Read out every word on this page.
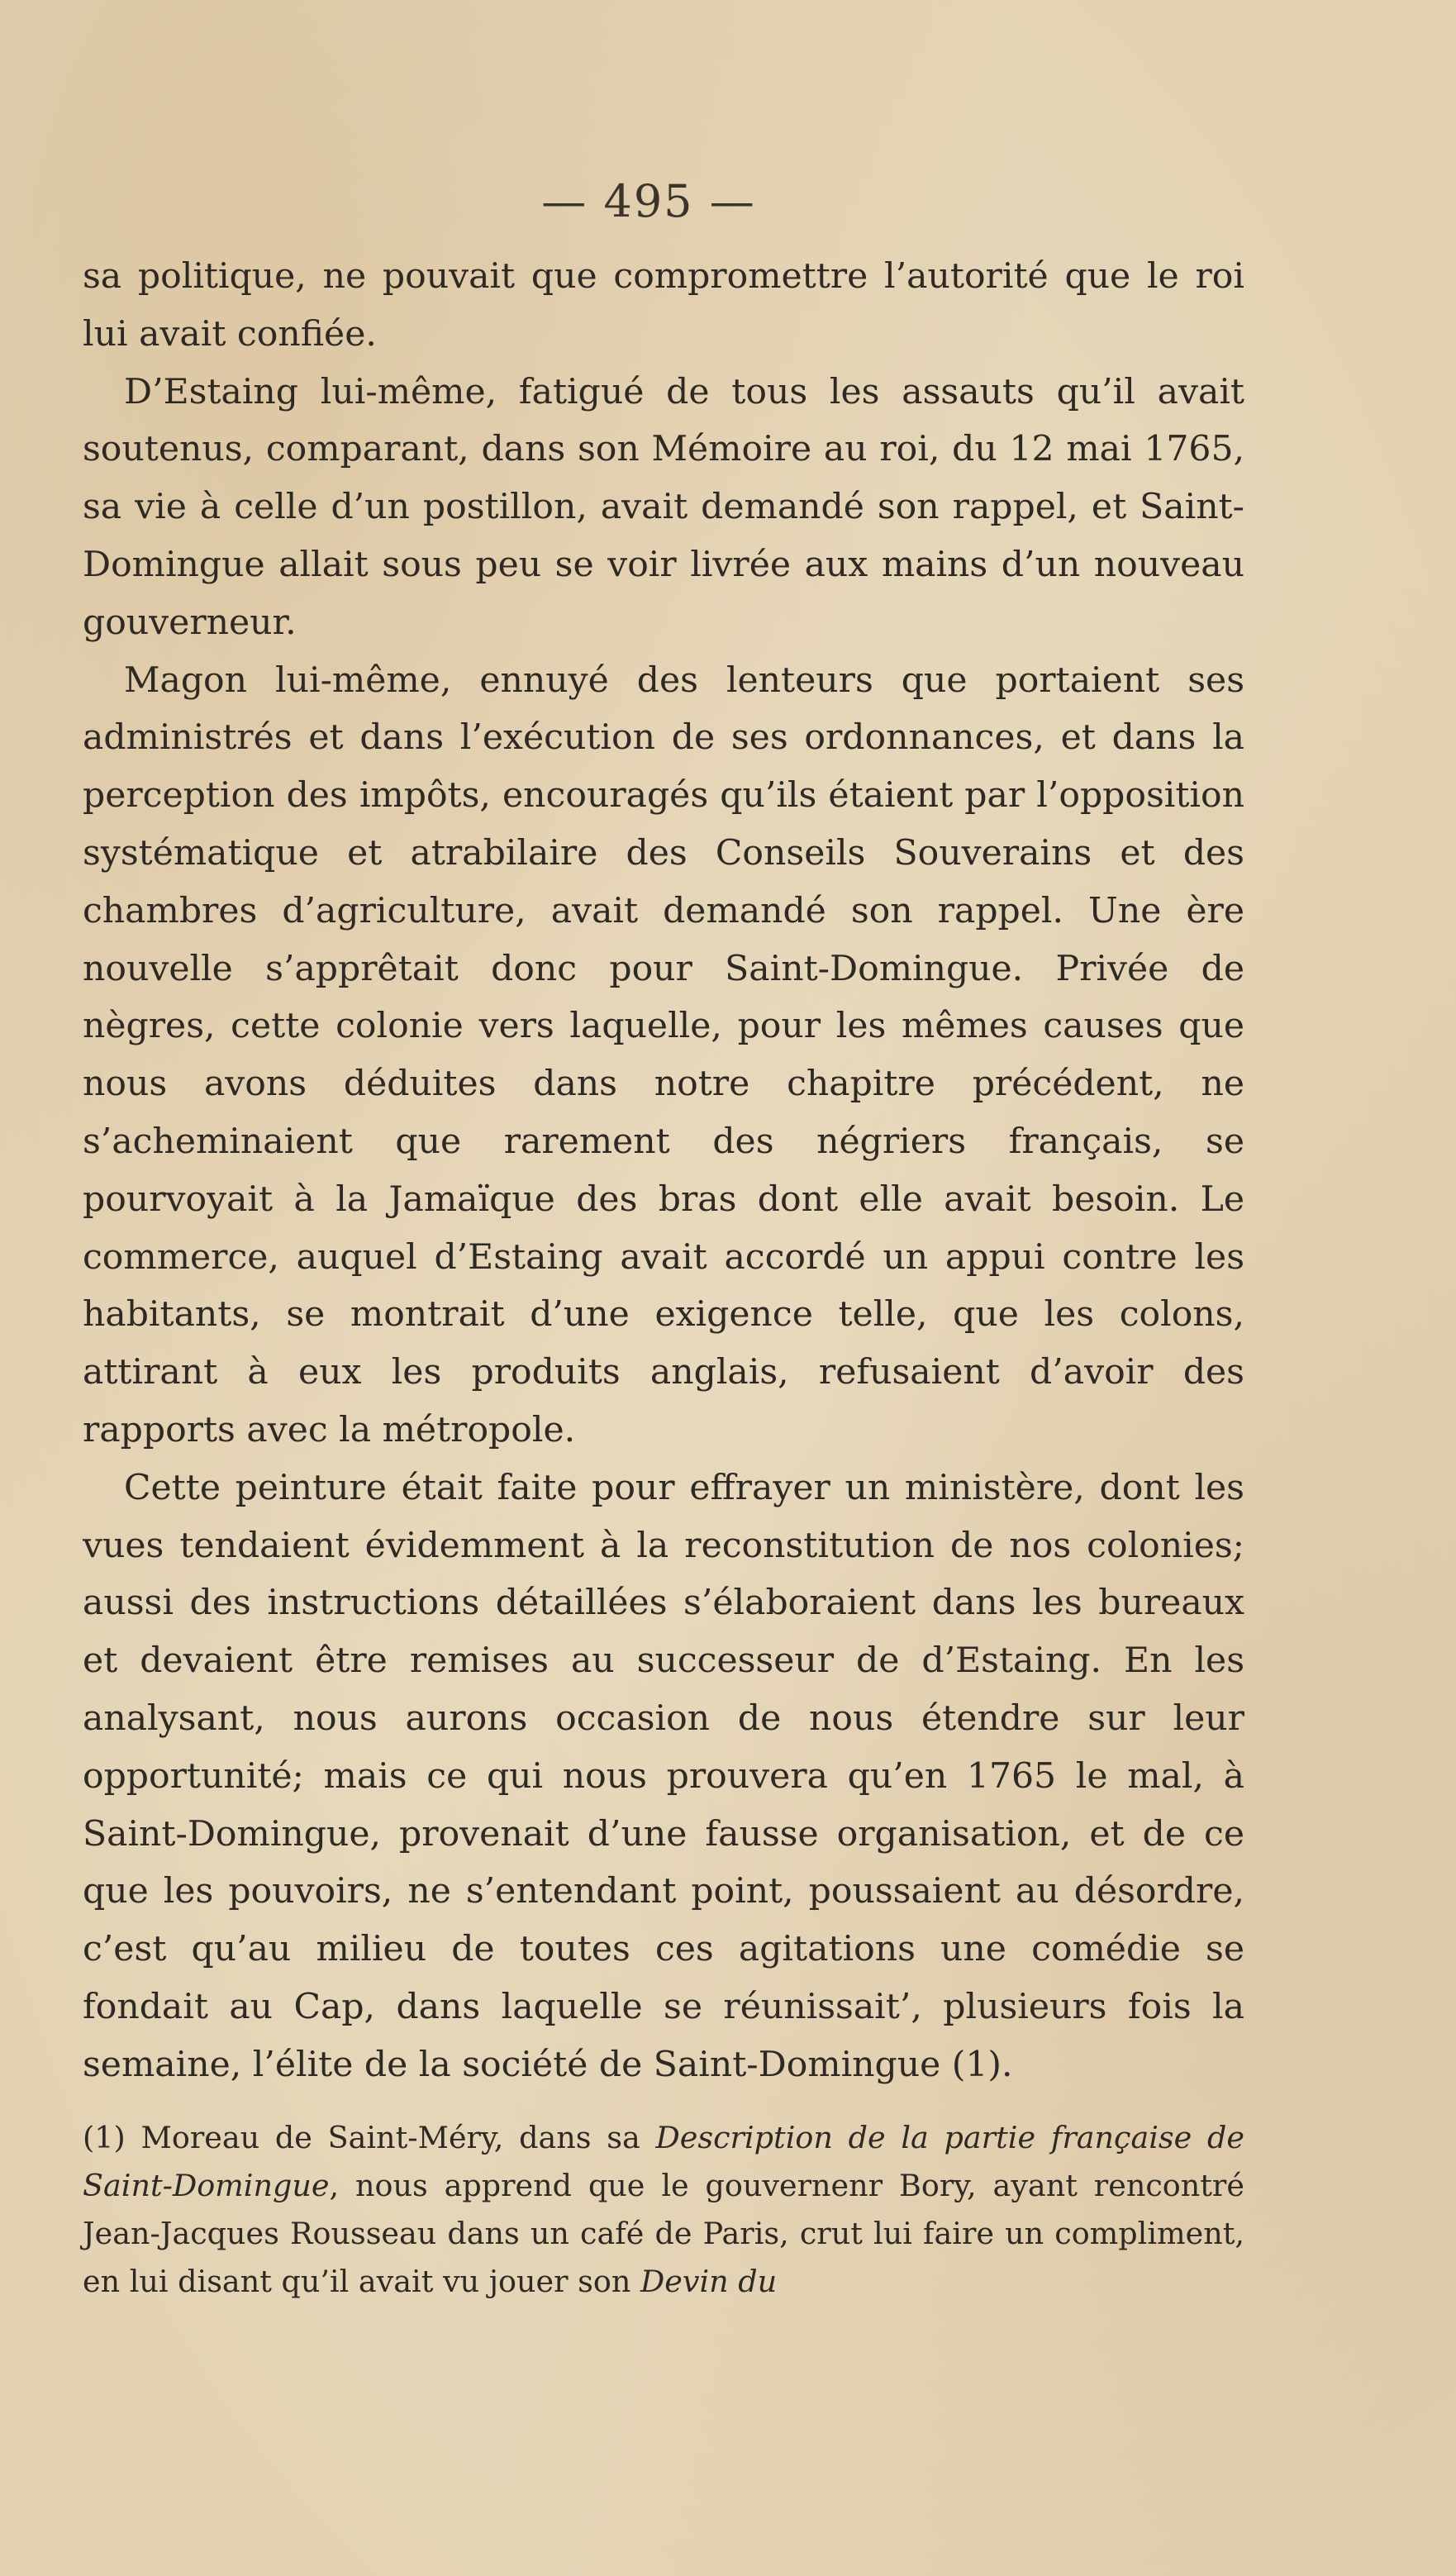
— 495 —

sa politique, ne pouvait que compromettre l’autorité que le roi lui avait confiée.

D’Estaing lui-même, fatigué de tous les assauts qu’il avait soutenus, comparant, dans son Mémoire au roi, du 12 mai 1765, sa vie à celle d’un postillon, avait demandé son rappel, et Saint-Domingue allait sous peu se voir livrée aux mains d’un nouveau gouverneur.

Magon lui-même, ennuyé des lenteurs que portaient ses administrés et dans l’exécution de ses ordonnances, et dans la perception des impôts, encouragés qu’ils étaient par l’opposition systématique et atrabilaire des Conseils Souverains et des chambres d’agriculture, avait demandé son rappel. Une ère nouvelle s’apprêtait donc pour Saint-Domingue. Privée de nègres, cette colonie vers laquelle, pour les mêmes causes que nous avons déduites dans notre chapitre précédent, ne s’acheminaient que rarement des négriers français, se pourvoyait à la Jamaïque des bras dont elle avait besoin. Le commerce, auquel d’Estaing avait accordé un appui contre les habitants, se montrait d’une exigence telle, que les colons, attirant à eux les produits anglais, refusaient d’avoir des rapports avec la métropole.

Cette peinture était faite pour effrayer un ministère, dont les vues tendaient évidemment à la reconstitution de nos colonies; aussi des instructions détaillées s’élaboraient dans les bureaux et devaient être remises au successeur de d’Estaing. En les analysant, nous aurons occasion de nous étendre sur leur opportunité; mais ce qui nous prouvera qu’en 1765 le mal, à Saint-Domingue, provenait d’une fausse organisation, et de ce que les pouvoirs, ne s’entendant point, poussaient au désordre, c’est qu’au milieu de toutes ces agitations une comédie se fondait au Cap, dans laquelle se réunissait’, plusieurs fois la semaine, l’élite de la société de Saint-Domingue (1).

(1) Moreau de Saint-Méry, dans sa Description de la partie française de Saint-Domingue, nous apprend que le gouvernenr Bory, ayant rencontré Jean-Jacques Rousseau dans un café de Paris, crut lui faire un compliment, en lui disant qu’il avait vu jouer son Devin du
